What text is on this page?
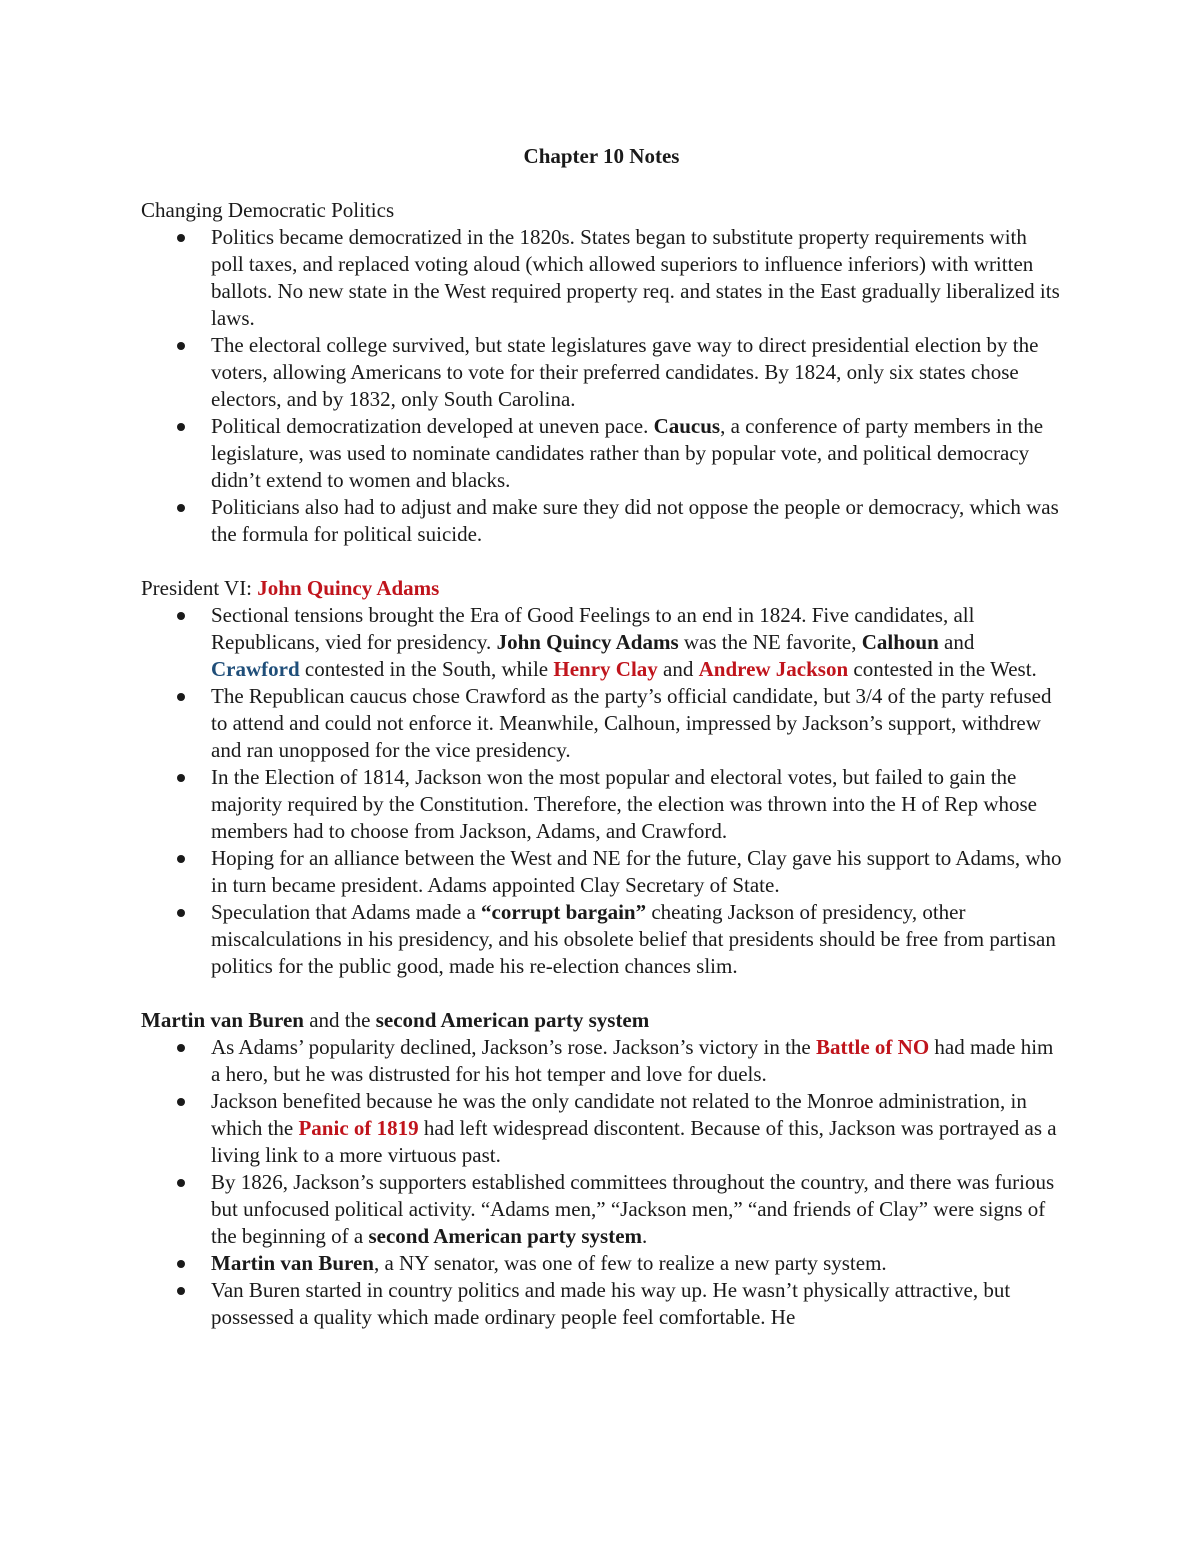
Chapter 10 Notes
Changing Democratic Politics
Politics became democratized in the 1820s. States began to substitute property requirements with poll taxes, and replaced voting aloud (which allowed superiors to influence inferiors) with written ballots. No new state in the West required property req. and states in the East gradually liberalized its laws.
The electoral college survived, but state legislatures gave way to direct presidential election by the voters, allowing Americans to vote for their preferred candidates. By 1824, only six states chose electors, and by 1832, only South Carolina.
Political democratization developed at uneven pace. Caucus, a conference of party members in the legislature, was used to nominate candidates rather than by popular vote, and political democracy didn’t extend to women and blacks.
Politicians also had to adjust and make sure they did not oppose the people or democracy, which was the formula for political suicide.
President VI: John Quincy Adams
Sectional tensions brought the Era of Good Feelings to an end in 1824. Five candidates, all Republicans, vied for presidency. John Quincy Adams was the NE favorite, Calhoun and Crawford contested in the South, while Henry Clay and Andrew Jackson contested in the West.
The Republican caucus chose Crawford as the party’s official candidate, but 3/4 of the party refused to attend and could not enforce it. Meanwhile, Calhoun, impressed by Jackson’s support, withdrew and ran unopposed for the vice presidency.
In the Election of 1814, Jackson won the most popular and electoral votes, but failed to gain the majority required by the Constitution. Therefore, the election was thrown into the H of Rep whose members had to choose from Jackson, Adams, and Crawford.
Hoping for an alliance between the West and NE for the future, Clay gave his support to Adams, who in turn became president. Adams appointed Clay Secretary of State.
Speculation that Adams made a “corrupt bargain” cheating Jackson of presidency, other miscalculations in his presidency, and his obsolete belief that presidents should be free from partisan politics for the public good, made his re-election chances slim.
Martin van Buren and the second American party system
As Adams’ popularity declined, Jackson’s rose. Jackson’s victory in the Battle of NO had made him a hero, but he was distrusted for his hot temper and love for duels.
Jackson benefited because he was the only candidate not related to the Monroe administration, in which the Panic of 1819 had left widespread discontent. Because of this, Jackson was portrayed as a living link to a more virtuous past.
By 1826, Jackson’s supporters established committees throughout the country, and there was furious but unfocused political activity. “Adams men,” “Jackson men,” “and friends of Clay” were signs of the beginning of a second American party system.
Martin van Buren, a NY senator, was one of few to realize a new party system.
Van Buren started in country politics and made his way up. He wasn’t physically attractive, but possessed a quality which made ordinary people feel comfortable. He
